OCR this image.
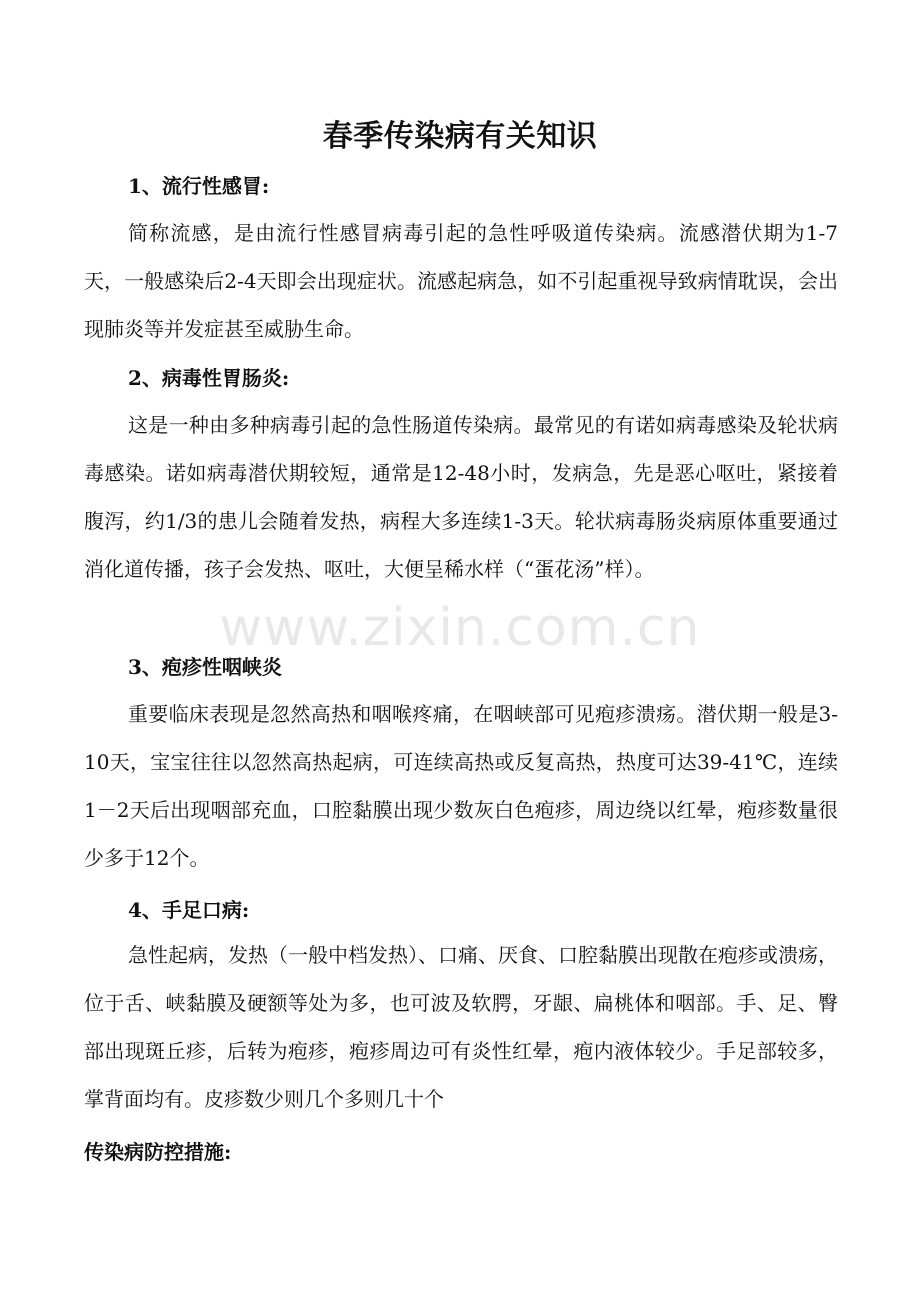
春季传染病有关知识
1、流行性感冒:
简称流感，是由流行性感冒病毒引起的急性呼吸道传染病。流感潜伏期为1-7天，一般感染后2-4天即会出现症状。流感起病急，如不引起重视导致病情耽误，会出现肺炎等并发症甚至威胁生命。
2、病毒性胃肠炎:
这是一种由多种病毒引起的急性肠道传染病。最常见的有诺如病毒感染及轮状病毒感染。诺如病毒潜伏期较短，通常是12-48小时，发病急，先是恶心呕吐，紧接着腹泻，约1/3的患儿会随着发热，病程大多连续1-3天。轮状病毒肠炎病原体重要通过消化道传播，孩子会发热、呕吐，大便呈稀水样（“蛋花汤”样）。
3、疱疹性咽峡炎
重要临床表现是忽然高热和咽喉疼痛，在咽峡部可见疱疹溃疡。潜伏期一般是3-10天，宝宝往往以忽然高热起病，可连续高热或反复高热，热度可达39-41℃，连续1－2天后出现咽部充血，口腔黏膜出现少数灰白色疱疹，周边绕以红晕，疱疹数量很少多于12个。
4、手足口病:
急性起病，发热（一般中档发热）、口痛、厌食、口腔黏膜出现散在疱疹或溃疡，位于舌、峡黏膜及硬额等处为多，也可波及软腭，牙龈、扁桃体和咽部。手、足、臀部出现斑丘疹，后转为疱疹，疱疹周边可有炎性红晕，疱内液体较少。手足部较多，掌背面均有。皮疹数少则几个多则几十个
传染病防控措施:
www.zixin.com.cn
